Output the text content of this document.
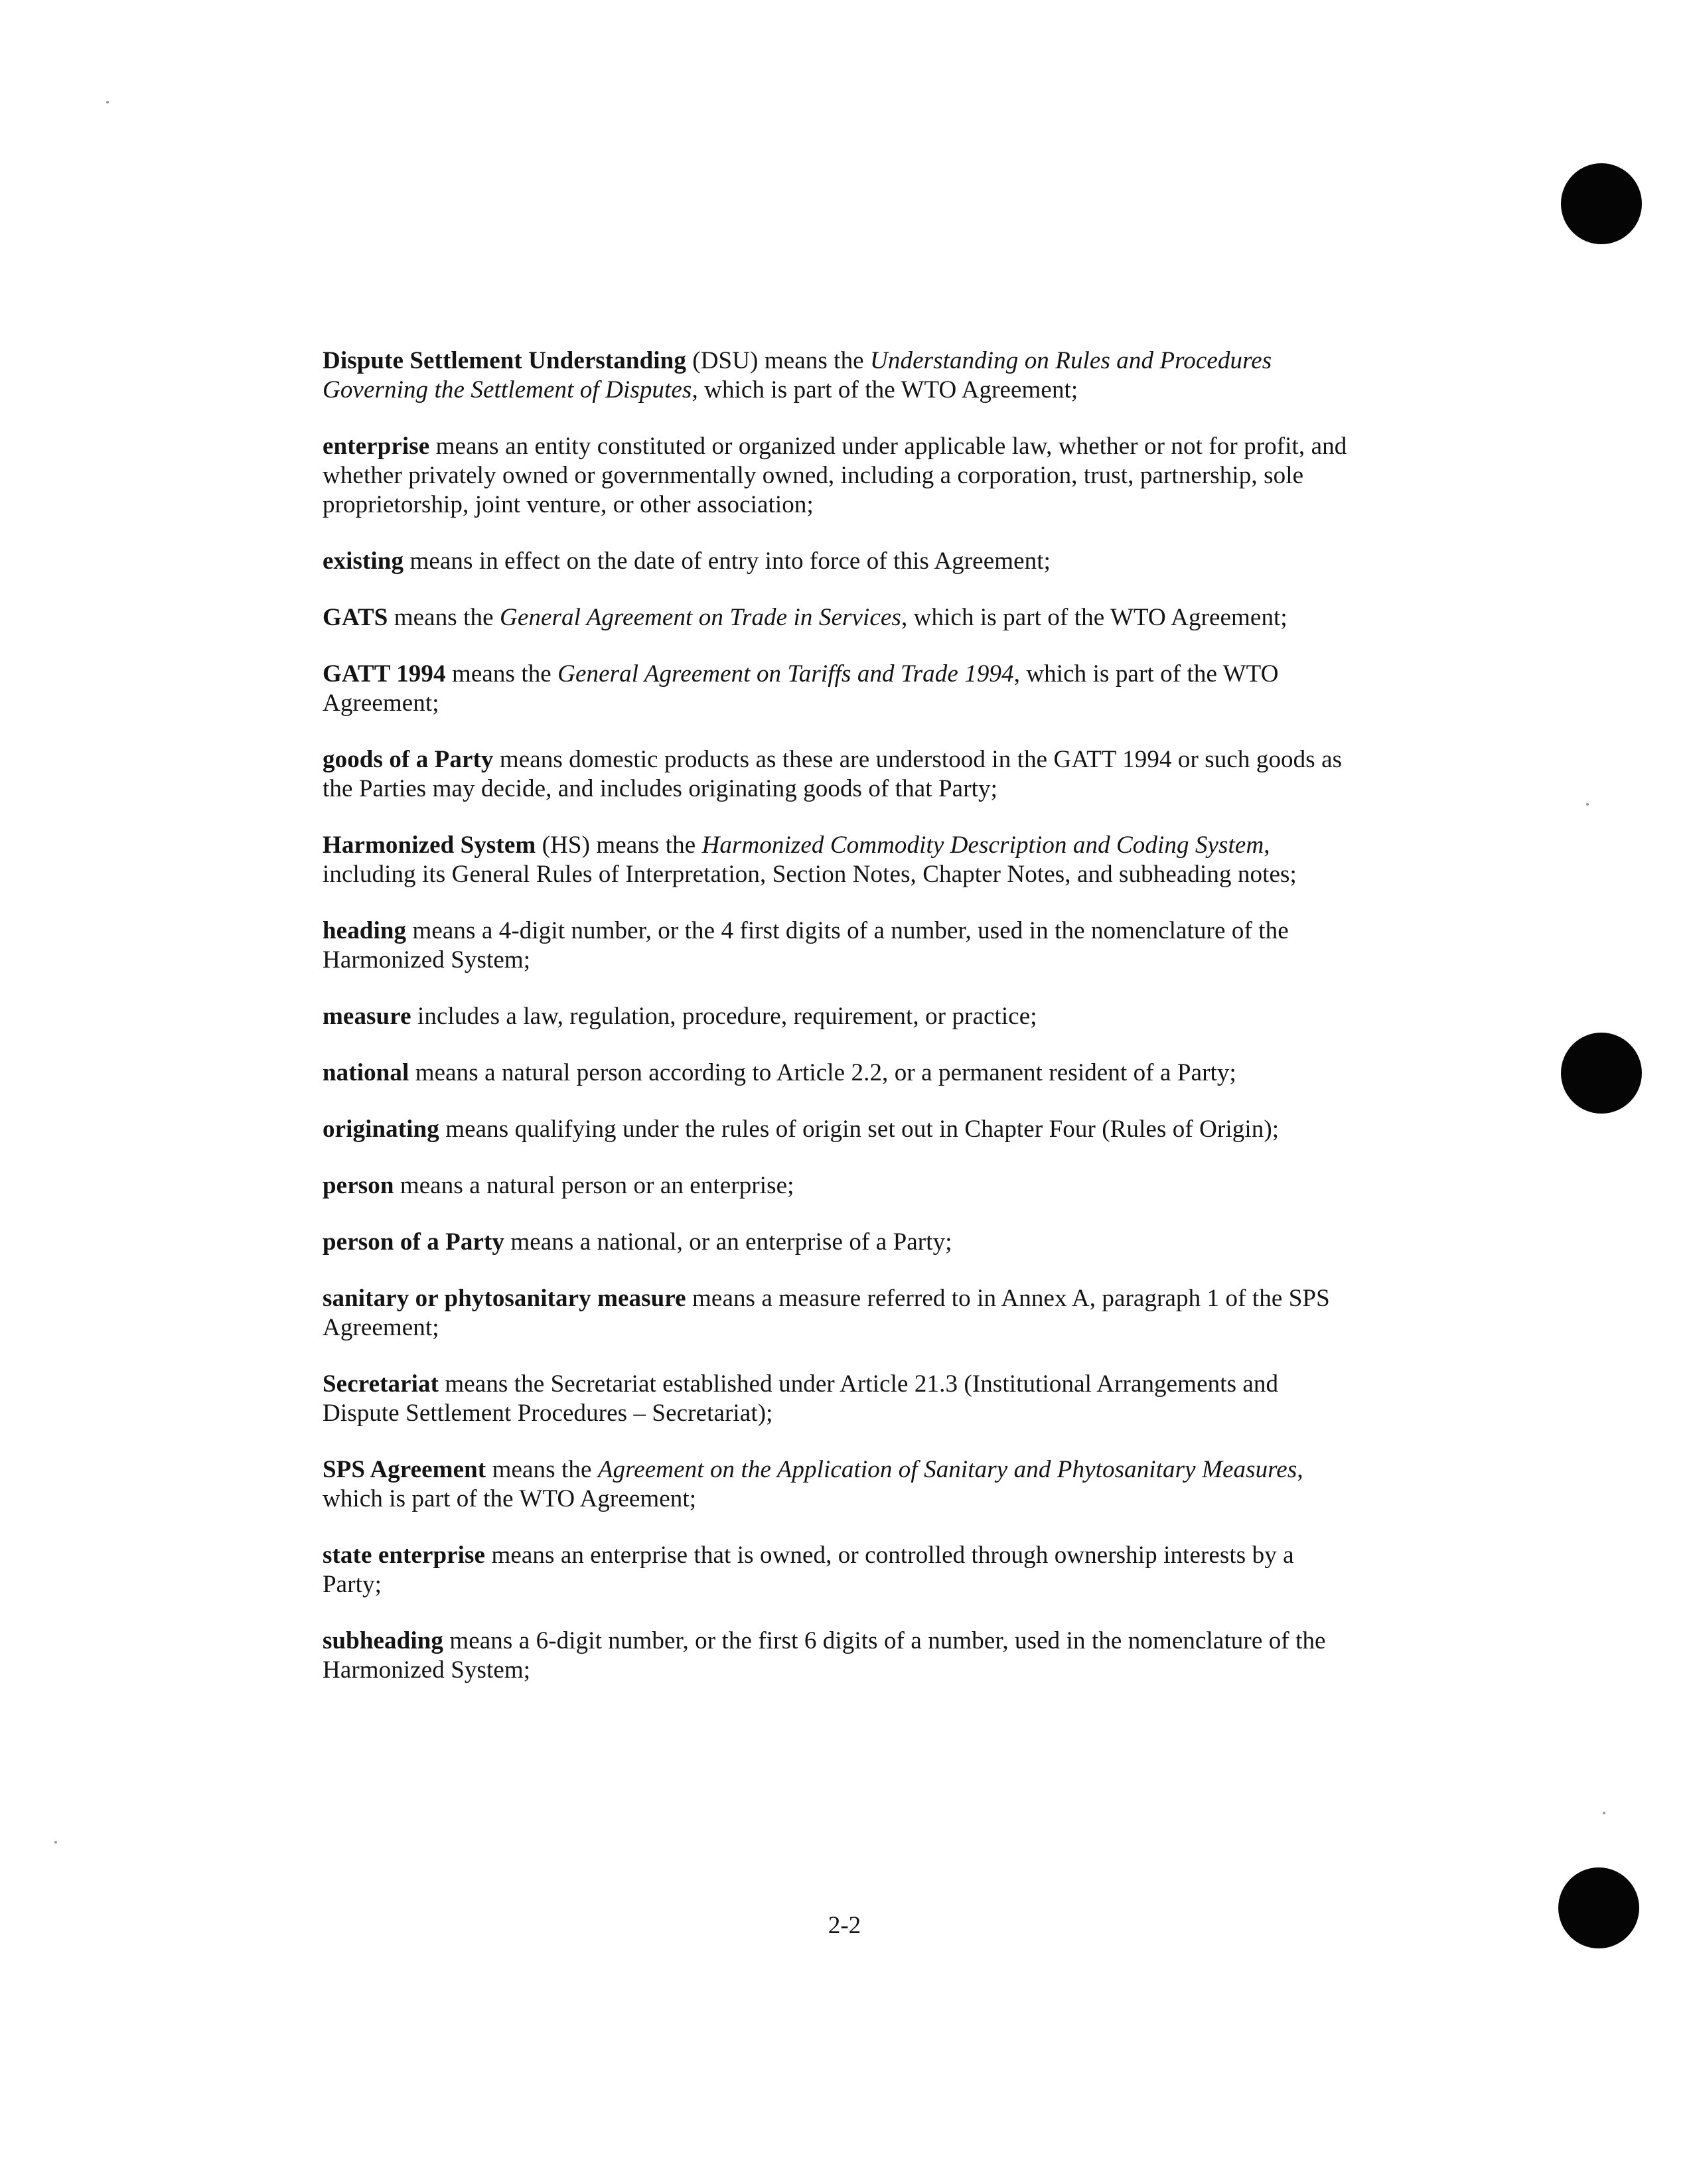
Dispute Settlement Understanding (DSU) means the Understanding on Rules and Procedures Governing the Settlement of Disputes, which is part of the WTO Agreement;

enterprise means an entity constituted or organized under applicable law, whether or not for profit, and whether privately owned or governmentally owned, including a corporation, trust, partnership, sole proprietorship, joint venture, or other association;

existing means in effect on the date of entry into force of this Agreement;

GATS means the General Agreement on Trade in Services, which is part of the WTO Agreement;

GATT 1994 means the General Agreement on Tariffs and Trade 1994, which is part of the WTO Agreement;

goods of a Party means domestic products as these are understood in the GATT 1994 or such goods as the Parties may decide, and includes originating goods of that Party;

Harmonized System (HS) means the Harmonized Commodity Description and Coding System, including its General Rules of Interpretation, Section Notes, Chapter Notes, and subheading notes;

heading means a 4-digit number, or the 4 first digits of a number, used in the nomenclature of the Harmonized System;

measure includes a law, regulation, procedure, requirement, or practice;

national means a natural person according to Article 2.2, or a permanent resident of a Party;

originating means qualifying under the rules of origin set out in Chapter Four (Rules of Origin);

person means a natural person or an enterprise;

person of a Party means a national, or an enterprise of a Party;

sanitary or phytosanitary measure means a measure referred to in Annex A, paragraph 1 of the SPS Agreement;

Secretariat means the Secretariat established under Article 21.3 (Institutional Arrangements and Dispute Settlement Procedures – Secretariat);

SPS Agreement means the Agreement on the Application of Sanitary and Phytosanitary Measures, which is part of the WTO Agreement;

state enterprise means an enterprise that is owned, or controlled through ownership interests by a Party;

subheading means a 6-digit number, or the first 6 digits of a number, used in the nomenclature of the Harmonized System;

2-2
